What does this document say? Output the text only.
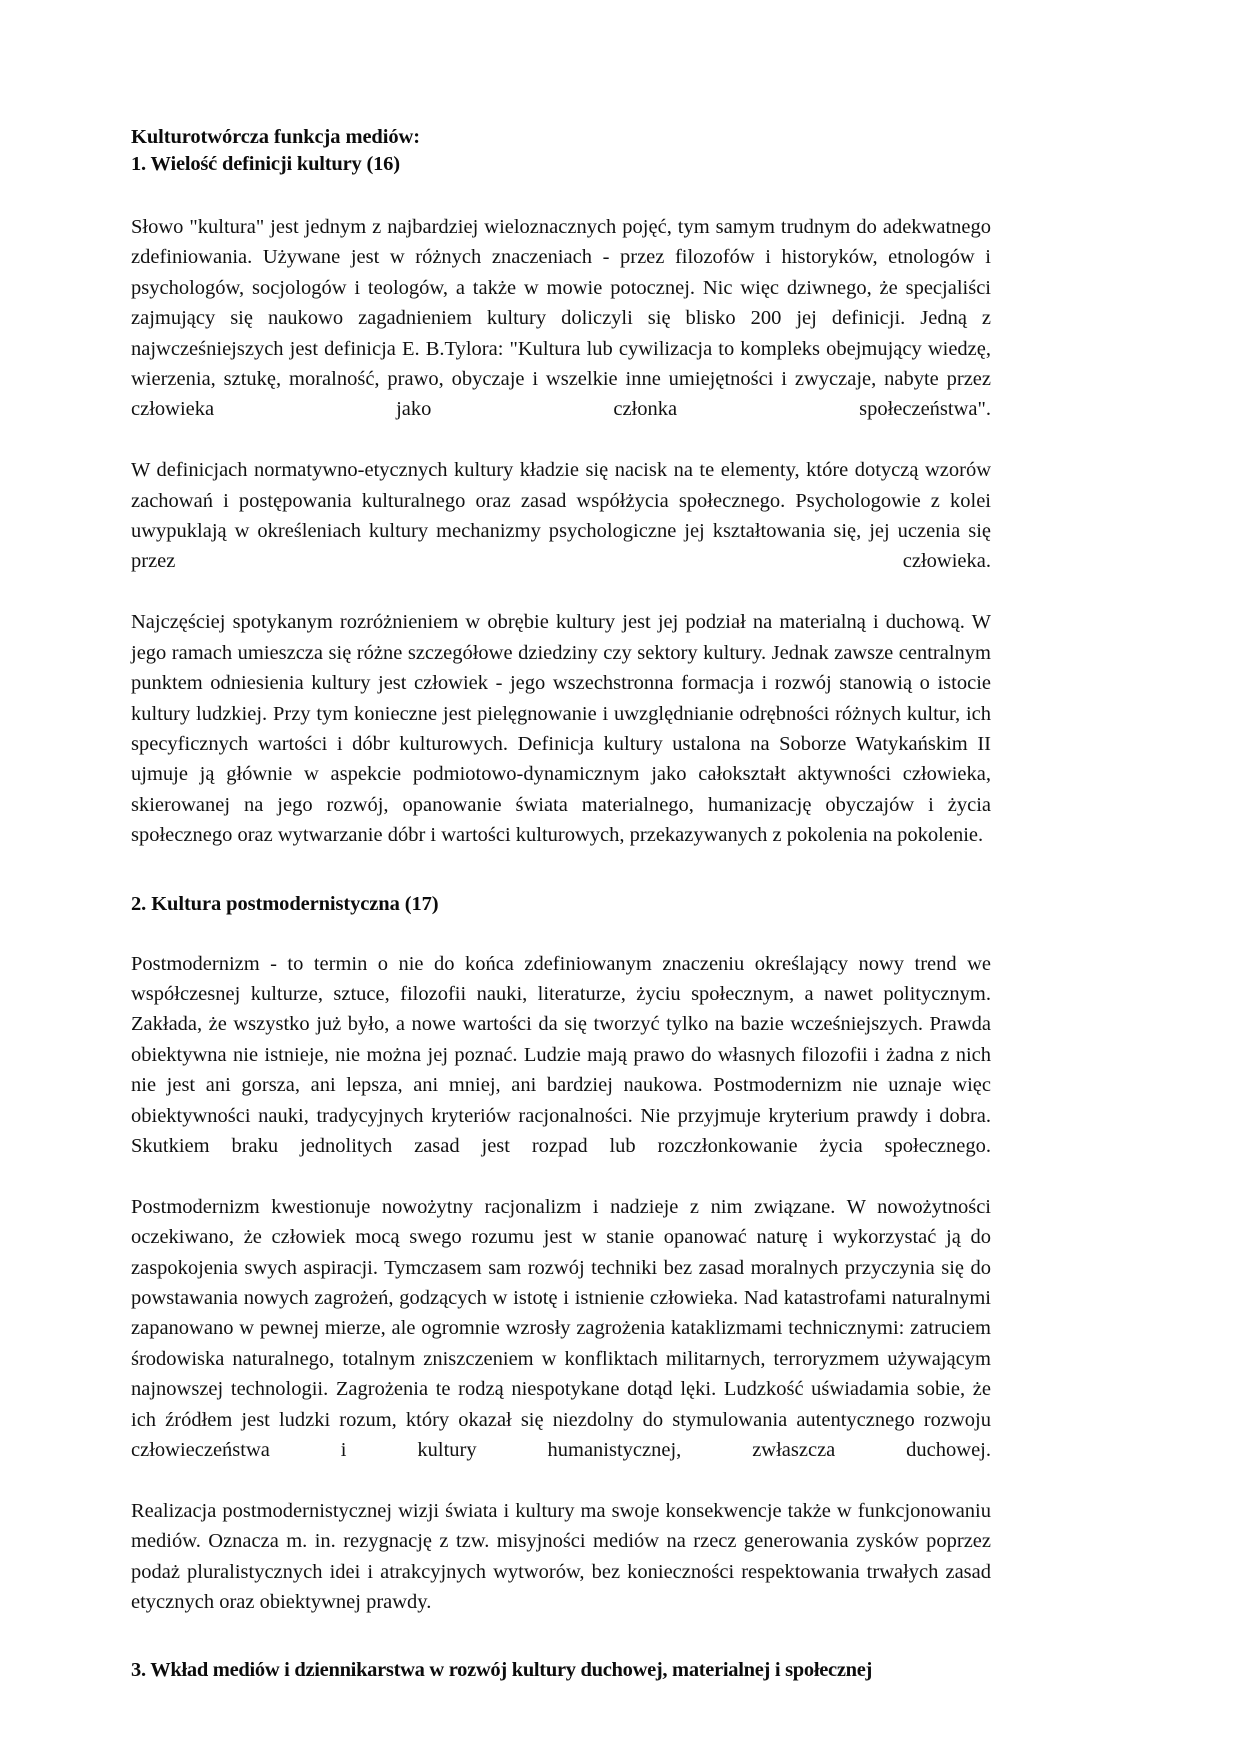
Kulturotwórcza funkcja mediów:
1. Wielość definicji kultury (16)

Słowo "kultura" jest jednym z najbardziej wieloznacznych pojęć, tym samym trudnym do adekwatnego zdefiniowania. Używane jest w różnych znaczeniach - przez filozofów i historyków, etnologów i psychologów, socjologów i teologów, a także w mowie potocznej. Nic więc dziwnego, że specjaliści zajmujący się naukowo zagadnieniem kultury doliczyli się blisko 200 jej definicji. Jedną z najwcześniejszych jest definicja E. B.Tylora: "Kultura lub cywilizacja to kompleks obejmujący wiedzę, wierzenia, sztukę, moralność, prawo, obyczaje i wszelkie inne umiejętności i zwyczaje, nabyte przez człowieka jako członka społeczeństwa".

W definicjach normatywno-etycznych kultury kładzie się nacisk na te elementy, które dotyczą wzorów zachowań i postępowania kulturalnego oraz zasad współżycia społecznego. Psychologowie z kolei uwypuklają w określeniach kultury mechanizmy psychologiczne jej kształtowania się, jej uczenia się przez człowieka.

Najczęściej spotykanym rozróżnieniem w obrębie kultury jest jej podział na materialną i duchową. W jego ramach umieszcza się różne szczegółowe dziedziny czy sektory kultury. Jednak zawsze centralnym punktem odniesienia kultury jest człowiek - jego wszechstronna formacja i rozwój stanowią o istocie kultury ludzkiej. Przy tym konieczne jest pielęgnowanie i uwzględnianie odrębności różnych kultur, ich specyficznych wartości i dóbr kulturowych. Definicja kultury ustalona na Soborze Watykańskim II ujmuje ją głównie w aspekcie podmiotowo-dynamicznym jako całokształt aktywności człowieka, skierowanej na jego rozwój, opanowanie świata materialnego, humanizację obyczajów i życia społecznego oraz wytwarzanie dóbr i wartości kulturowych, przekazywanych z pokolenia na pokolenie.

2. Kultura postmodernistyczna (17)

Postmodernizm - to termin o nie do końca zdefiniowanym znaczeniu określający nowy trend we współczesnej kulturze, sztuce, filozofii nauki, literaturze, życiu społecznym, a nawet politycznym. Zakłada, że wszystko już było, a nowe wartości da się tworzyć tylko na bazie wcześniejszych. Prawda obiektywna nie istnieje, nie można jej poznać. Ludzie mają prawo do własnych filozofii i żadna z nich nie jest ani gorsza, ani lepsza, ani mniej, ani bardziej naukowa. Postmodernizm nie uznaje więc obiektywności nauki, tradycyjnych kryteriów racjonalności. Nie przyjmuje kryterium prawdy i dobra. Skutkiem braku jednolitych zasad jest rozpad lub rozczłonkowanie życia społecznego.

Postmodernizm kwestionuje nowożytny racjonalizm i nadzieje z nim związane. W nowożytności oczekiwano, że człowiek mocą swego rozumu jest w stanie opanować naturę i wykorzystać ją do zaspokojenia swych aspiracji. Tymczasem sam rozwój techniki bez zasad moralnych przyczynia się do powstawania nowych zagrożeń, godzących w istotę i istnienie człowieka. Nad katastrofami naturalnymi zapanowano w pewnej mierze, ale ogromnie wzrosły zagrożenia kataklizmami technicznymi: zatruciem środowiska naturalnego, totalnym zniszczeniem w konfliktach militarnych, terroryzmem używającym najnowszej technologii. Zagrożenia te rodzą niespotykane dotąd lęki. Ludzkość uświadamia sobie, że ich źródłem jest ludzki rozum, który okazał się niezdolny do stymulowania autentycznego rozwoju człowieczeństwa i kultury humanistycznej, zwłaszcza duchowej.

Realizacja postmodernistycznej wizji świata i kultury ma swoje konsekwencje także w funkcjonowaniu mediów. Oznacza m. in. rezygnację z tzw. misyjności mediów na rzecz generowania zysków poprzez podaż pluralistycznych idei i atrakcyjnych wytworów, bez konieczności respektowania trwałych zasad etycznych oraz obiektywnej prawdy.

3. Wkład mediów i dziennikarstwa w rozwój kultury duchowej, materialnej i społecznej
